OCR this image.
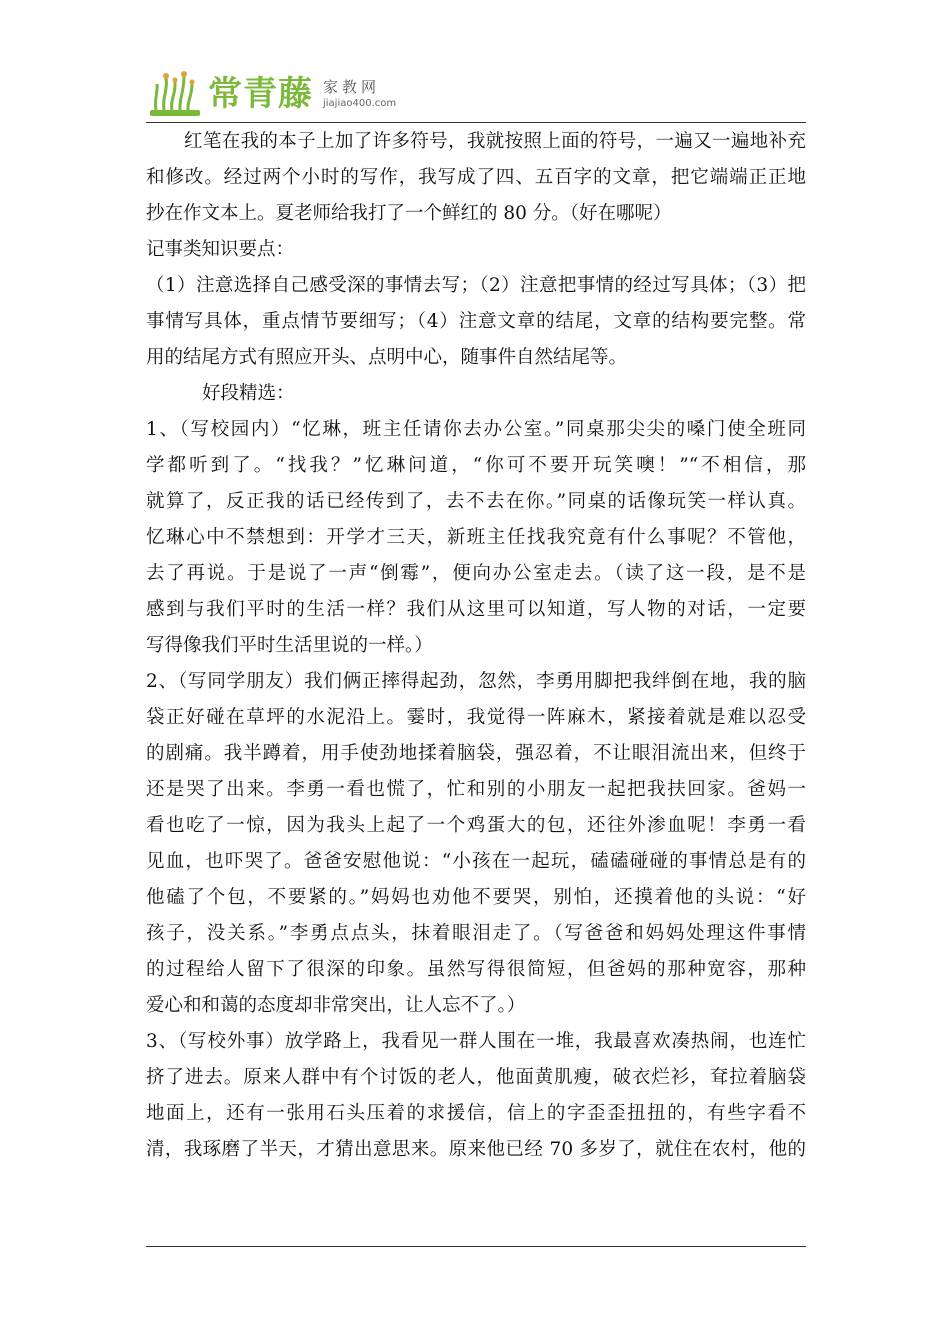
常青藤 家教网
jiajiao400.com
红笔在我的本子上加了许多符号，我就按照上面的符号，一遍又一遍地补充
和修改。经过两个小时的写作，我写成了四、五百字的文章，把它端端正正地
抄在作文本上。夏老师给我打了一个鲜红的 80 分。（好在哪呢）
记事类知识要点：
（1）注意选择自己感受深的事情去写；（2）注意把事情的经过写具体；（3）把
事情写具体，重点情节要细写；（4）注意文章的结尾，文章的结构要完整。常
用的结尾方式有照应开头、点明中心，随事件自然结尾等。
好段精选：
1、（写校园内）“忆琳，班主任请你去办公室。”同桌那尖尖的嗓门使全班同
学都听到了。“找我？”忆琳问道，“你可不要开玩笑噢！”“不相信，那
就算了，反正我的话已经传到了，去不去在你。”同桌的话像玩笑一样认真。
忆琳心中不禁想到：开学才三天，新班主任找我究竟有什么事呢？不管他，
去了再说。于是说了一声“倒霉”，便向办公室走去。（读了这一段，是不是
感到与我们平时的生活一样？我们从这里可以知道，写人物的对话，一定要
写得像我们平时生活里说的一样。）
2、（写同学朋友）我们俩正摔得起劲，忽然，李勇用脚把我绊倒在地，我的脑
袋正好碰在草坪的水泥沿上。霎时，我觉得一阵麻木，紧接着就是难以忍受
的剧痛。我半蹲着，用手使劲地揉着脑袋，强忍着，不让眼泪流出来，但终于
还是哭了出来。李勇一看也慌了，忙和别的小朋友一起把我扶回家。爸妈一
看也吃了一惊，因为我头上起了一个鸡蛋大的包，还往外渗血呢！李勇一看
见血，也吓哭了。爸爸安慰他说：“小孩在一起玩，磕磕碰碰的事情总是有的
他磕了个包，不要紧的。”妈妈也劝他不要哭，别怕，还摸着他的头说：“好
孩子，没关系。”李勇点点头，抹着眼泪走了。（写爸爸和妈妈处理这件事情
的过程给人留下了很深的印象。虽然写得很简短，但爸妈的那种宽容，那种
爱心和和蔼的态度却非常突出，让人忘不了。）
3、（写校外事）放学路上，我看见一群人围在一堆，我最喜欢凑热闹，也连忙
挤了进去。原来人群中有个讨饭的老人，他面黄肌瘦，破衣烂衫，耷拉着脑袋
地面上，还有一张用石头压着的求援信，信上的字歪歪扭扭的，有些字看不
清，我琢磨了半天，才猜出意思来。原来他已经 70 多岁了，就住在农村，他的
